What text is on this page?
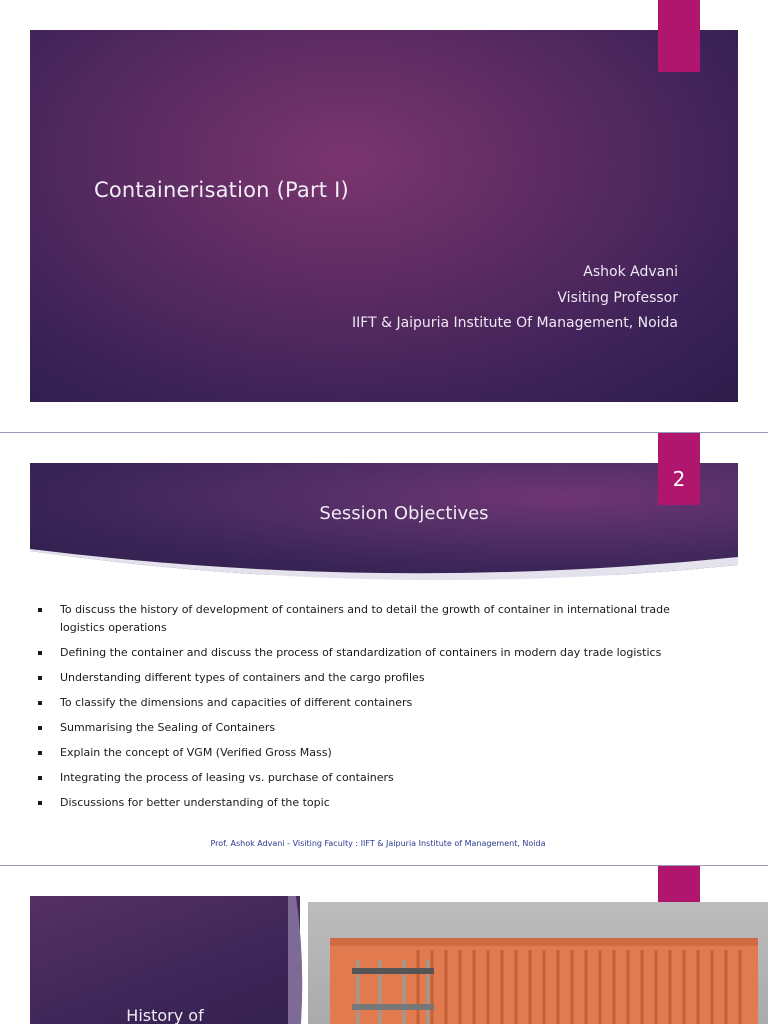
Containerisation (Part I)
Ashok Advani
Visiting Professor
IIFT & Jaipuria Institute Of Management, Noida
2
Session Objectives
To discuss the history of development of containers and to detail the growth of container in international trade logistics operations
Defining the container and discuss the process of standardization of containers in modern day trade logistics
Understanding different types of containers and the cargo profiles
To classify the dimensions and capacities of different containers
Summarising the Sealing of Containers
Explain the concept of VGM (Verified Gross Mass)
Integrating the process of leasing vs. purchase of containers
Discussions for better understanding of the topic
Prof. Ashok Advani - Visiting Faculty : IIFT & Jaipuria Institute of Management, Noida
History of
